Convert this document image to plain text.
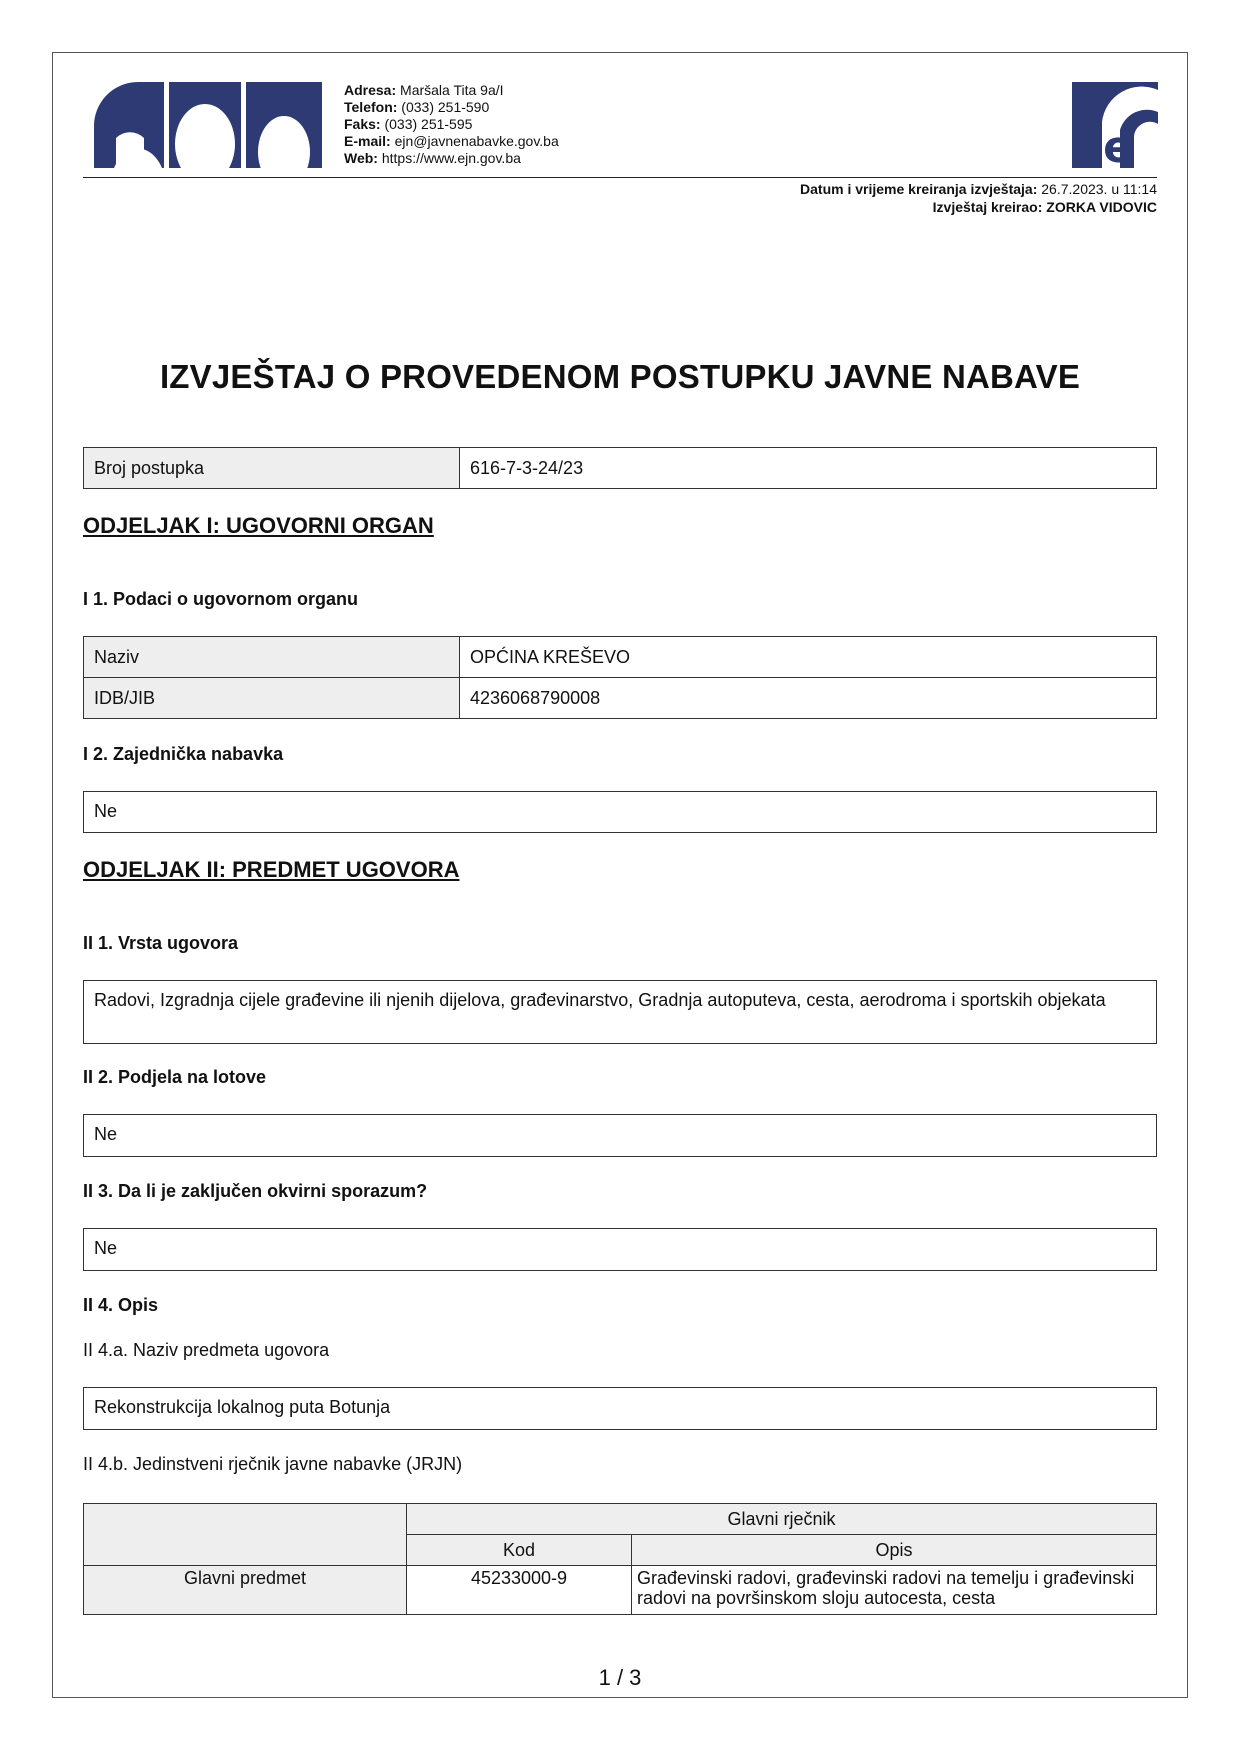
Adresa: Maršala Tita 9a/I
Telefon: (033) 251-590
Faks: (033) 251-595
E-mail: ejn@javnenabavke.gov.ba
Web: https://www.ejn.gov.ba	e
Datum i vrijeme kreiranja izvještaja: 26.7.2023. u 11:14
Izvještaj kreirao: ZORKA VIDOVIC
IZVJEŠTAJ O PROVEDENOM POSTUPKU JAVNE NABAVE
Broj postupka	616-7-3-24/23
ODJELJAK I: UGOVORNI ORGAN
I 1. Podaci o ugovornom organu
Naziv	OPĆINA KREŠEVO
IDB/JIB	4236068790008
I 2. Zajednička nabavka
Ne
ODJELJAK II: PREDMET UGOVORA
II 1. Vrsta ugovora
Radovi, Izgradnja cijele građevine ili njenih dijelova, građevinarstvo, Gradnja autoputeva, cesta, aerodroma i sportskih objekata
II 2. Podjela na lotove
Ne
II 3. Da li je zaključen okvirni sporazum?
Ne
II 4. Opis
II 4.a. Naziv predmeta ugovora
Rekonstrukcija lokalnog puta Botunja
II 4.b. Jedinstveni rječnik javne nabavke (JRJN)
	Glavni rječnik	
	Kod	Opis
Glavni predmet	45233000-9	Građevinski radovi, građevinski radovi na temelju i građevinski radovi na površinskom sloju autocesta, cesta
1 / 3
